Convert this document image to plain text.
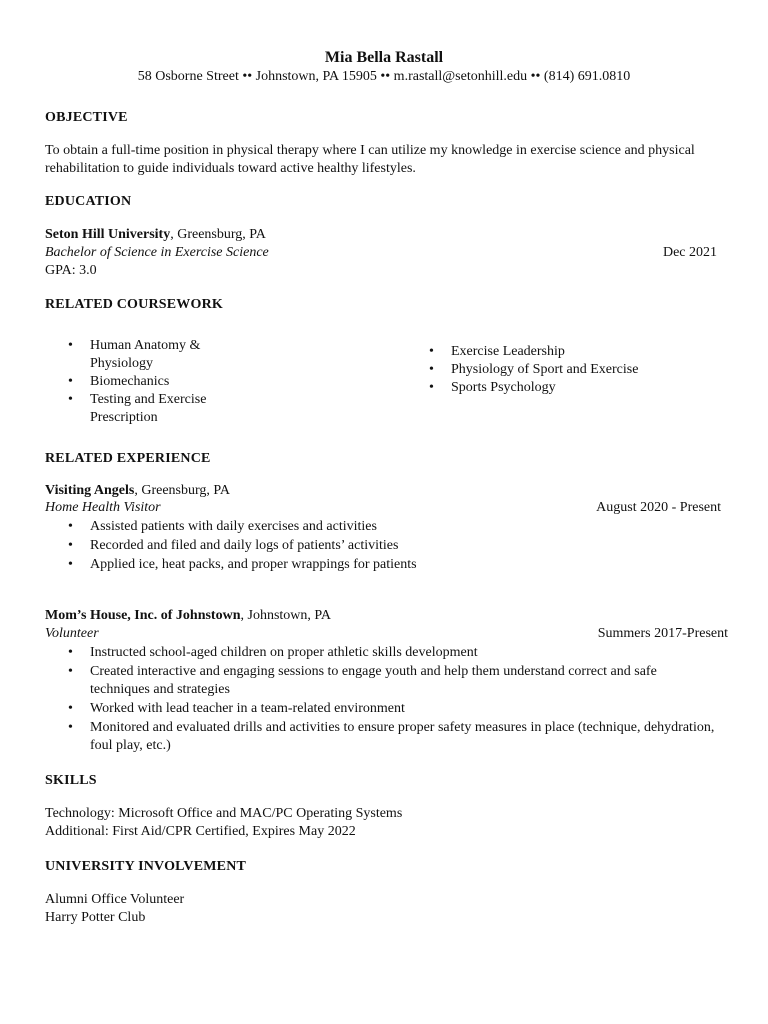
Mia Bella Rastall
58 Osborne Street •• Johnstown, PA 15905 •• m.rastall@setonhill.edu •• (814) 691.0810
OBJECTIVE
To obtain a full-time position in physical therapy where I can utilize my knowledge in exercise science and physical rehabilitation to guide individuals toward active healthy lifestyles.
EDUCATION
Seton Hill University, Greensburg, PA
Bachelor of Science in Exercise Science	Dec 2021
GPA: 3.0
RELATED COURSEWORK
•	Human Anatomy & Physiology
•	Biomechanics
•	Testing and Exercise Prescription
•	Exercise Leadership
•	Physiology of Sport and Exercise
•	Sports Psychology
RELATED EXPERIENCE
Visiting Angels, Greensburg, PA
Home Health Visitor	August 2020 - Present
•	Assisted patients with daily exercises and activities
•	Recorded and filed and daily logs of patients’ activities
•	Applied ice, heat packs, and proper wrappings for patients
Mom’s House, Inc. of Johnstown, Johnstown, PA
Volunteer	Summers 2017-Present
•	Instructed school-aged children on proper athletic skills development
•	Created interactive and engaging sessions to engage youth and help them understand correct and safe techniques and strategies
•	Worked with lead teacher in a team-related environment
•	Monitored and evaluated drills and activities to ensure proper safety measures in place (technique, dehydration, foul play, etc.)
SKILLS
Technology: Microsoft Office and MAC/PC Operating Systems
Additional: First Aid/CPR Certified, Expires May 2022
UNIVERSITY INVOLVEMENT
Alumni Office Volunteer
Harry Potter Club
